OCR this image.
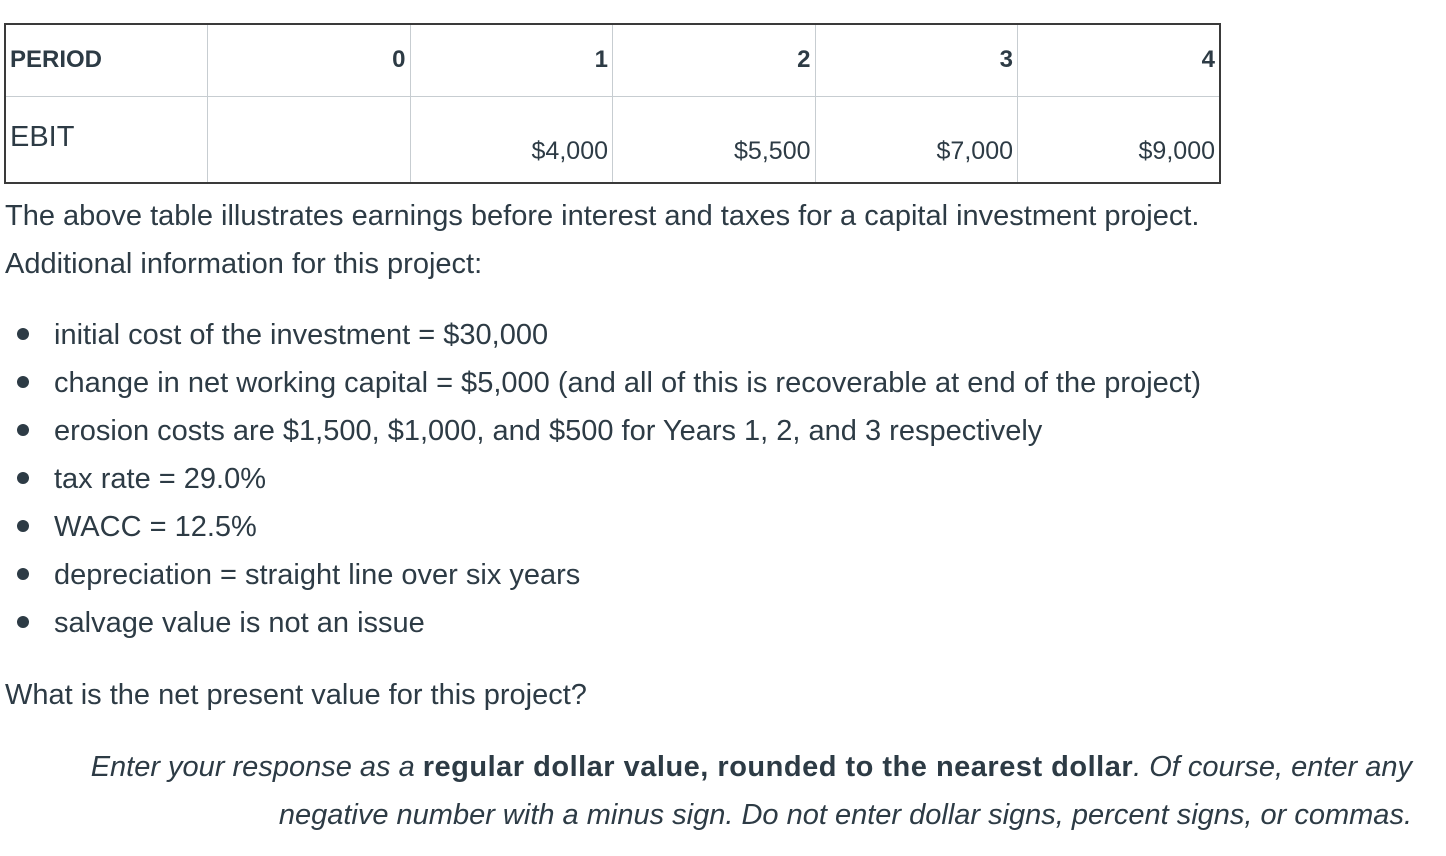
PERIOD	0	1	2	3	4
EBIT		$4,000	$5,500	$7,000	$9,000

The above table illustrates earnings before interest and taxes for a capital investment project.
Additional information for this project:

initial cost of the investment = $30,000
change in net working capital = $5,000 (and all of this is recoverable at end of the project)
erosion costs are $1,500, $1,000, and $500 for Years 1, 2, and 3 respectively
tax rate = 29.0%
WACC = 12.5%
depreciation = straight line over six years
salvage value is not an issue

What is the net present value for this project?

Enter your response as a regular dollar value, rounded to the nearest dollar. Of course, enter any negative number with a minus sign. Do not enter dollar signs, percent signs, or commas.
